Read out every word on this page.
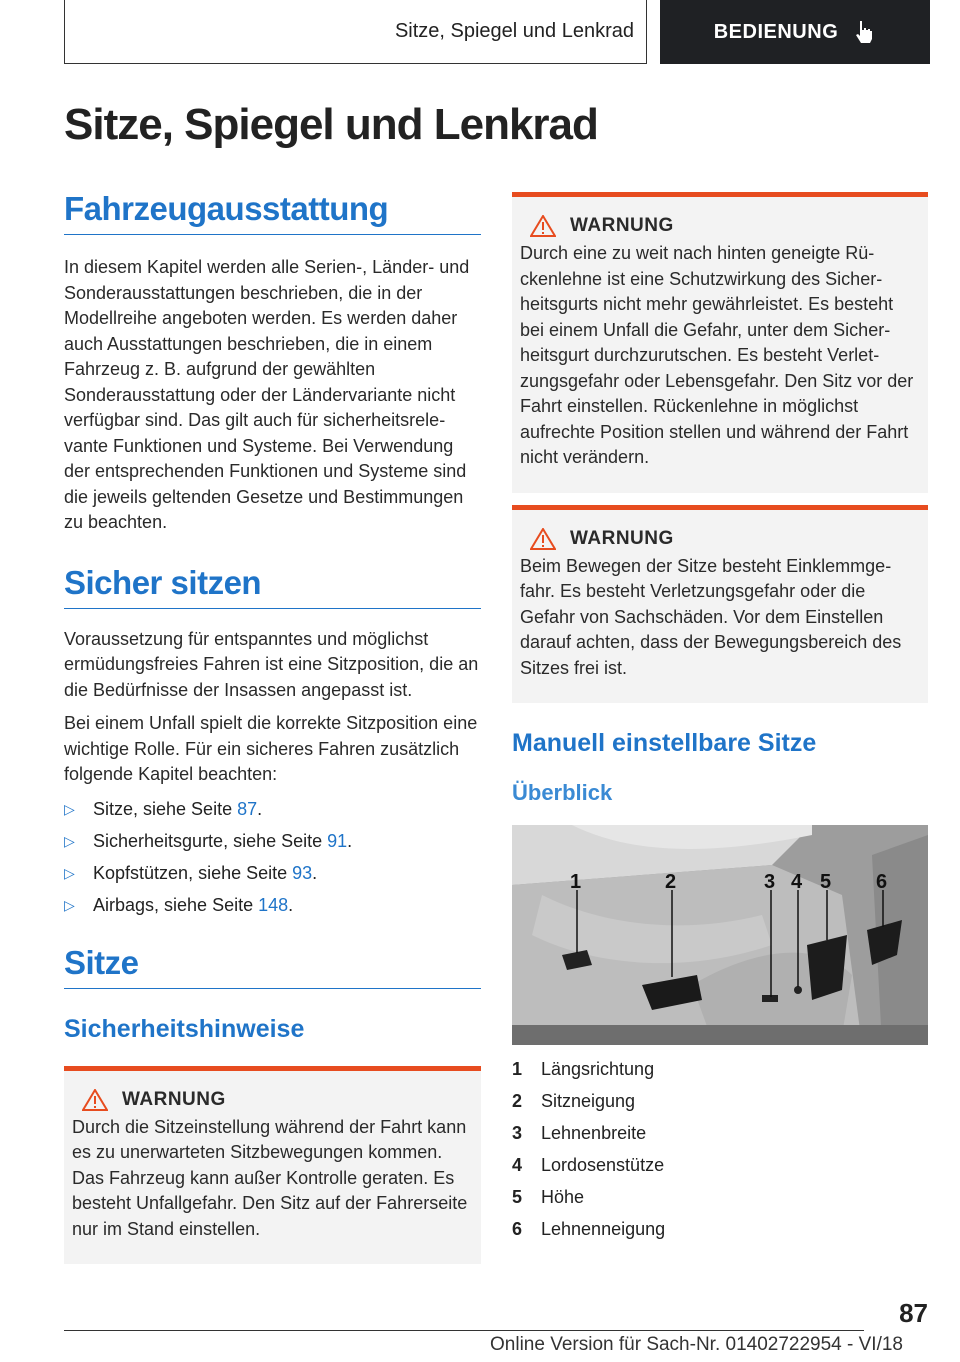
Sitze, Spiegel und Lenkrad	BEDIENUNG
Sitze, Spiegel und Lenkrad
Fahrzeugausstattung

In diesem Kapitel werden alle Serien-, Länder- und Sonderausstattungen beschrieben, die in der Modellreihe angeboten werden. Es werden daher auch Ausstattungen beschrieben, die in einem Fahrzeug z. B. aufgrund der gewählten Sonderausstattung oder der Ländervariante nicht verfügbar sind. Das gilt auch für sicherheitsrelevante Funktionen und Systeme. Bei Verwendung der entsprechenden Funktionen und Systeme sind die jeweils geltenden Gesetze und Bestimmungen zu beachten.

Sicher sitzen

Voraussetzung für entspanntes und möglichst ermüdungsfreies Fahren ist eine Sitzposition, die an die Bedürfnisse der Insassen angepasst ist.

Bei einem Unfall spielt die korrekte Sitzposition eine wichtige Rolle. Für ein sicheres Fahren zusätzlich folgende Kapitel beachten:

▷	Sitze, siehe Seite 87.
▷	Sicherheitsgurte, siehe Seite 91.
▷	Kopfstützen, siehe Seite 93.
▷	Airbags, siehe Seite 148.
Sitze
Sicherheitshinweise
WARNUNG

Durch die Sitzeinstellung während der Fahrt kann es zu unerwarteten Sitzbewegungen kommen. Das Fahrzeug kann außer Kontrolle geraten. Es besteht Unfallgefahr. Den Sitz auf der Fahrerseite nur im Stand einstellen.

WARNUNG

Durch eine zu weit nach hinten geneigte Rückenlehne ist eine Schutzwirkung des Sicherheitsgurts nicht mehr gewährleistet. Es besteht bei einem Unfall die Gefahr, unter dem Sicherheitsgurt durchzurutschen. Es besteht Verletzungsgefahr oder Lebensgefahr. Den Sitz vor der Fahrt einstellen. Rückenlehne in möglichst aufrechte Position stellen und während der Fahrt nicht verändern.

WARNUNG

Beim Bewegen der Sitze besteht Einklemmgefahr. Es besteht Verletzungsgefahr oder die Gefahr von Sachschäden. Vor dem Einstellen darauf achten, dass der Bewegungsbereich des Sitzes frei ist.

Manuell einstellbare Sitze
Überblick
1	2	3 4 5 6
1	Längsrichtung
2	Sitzneigung
3	Lehnenbreite
4	Lordosenstütze
5	Höhe
6	Lehnenneigung
87
Online Version für Sach-Nr. 01402722954 - VI/18
